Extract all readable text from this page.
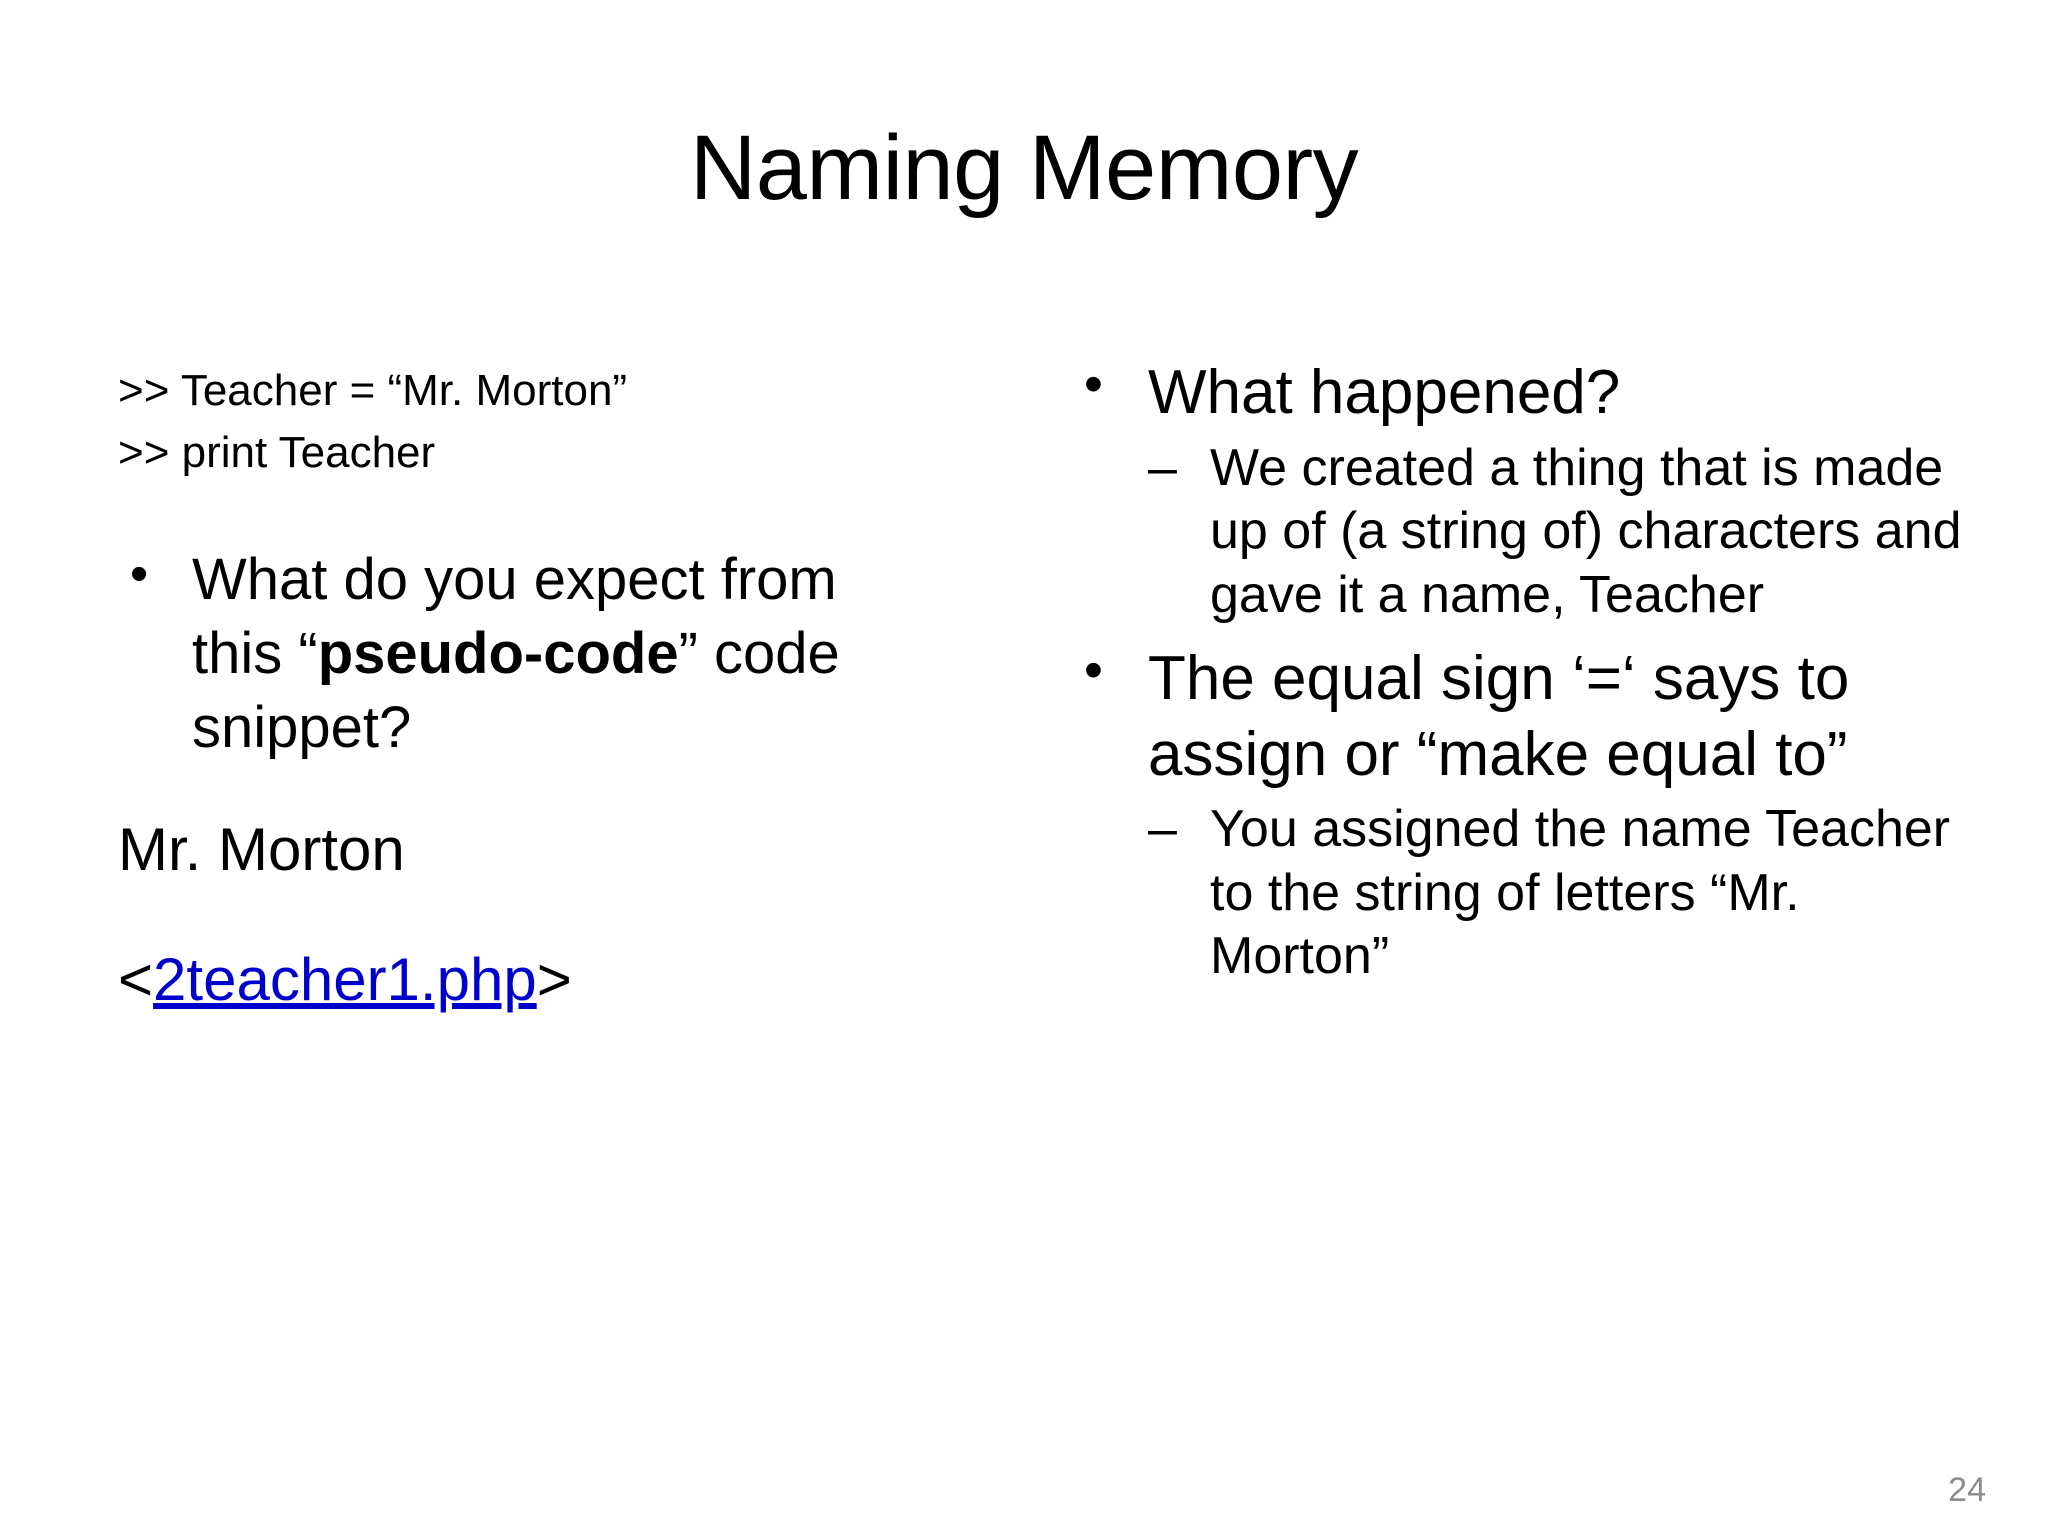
Naming Memory
>> Teacher = “Mr. Morton”
>> print Teacher
• What do you expect from this “pseudo-code” code snippet?
Mr. Morton
<2teacher1.php>
• What happened?
– We created a thing that is made up of (a string of) characters and gave it a name, Teacher
• The equal sign ‘=‘ says to assign or “make equal to”
– You assigned the name Teacher to the string of letters “Mr. Morton”
24
